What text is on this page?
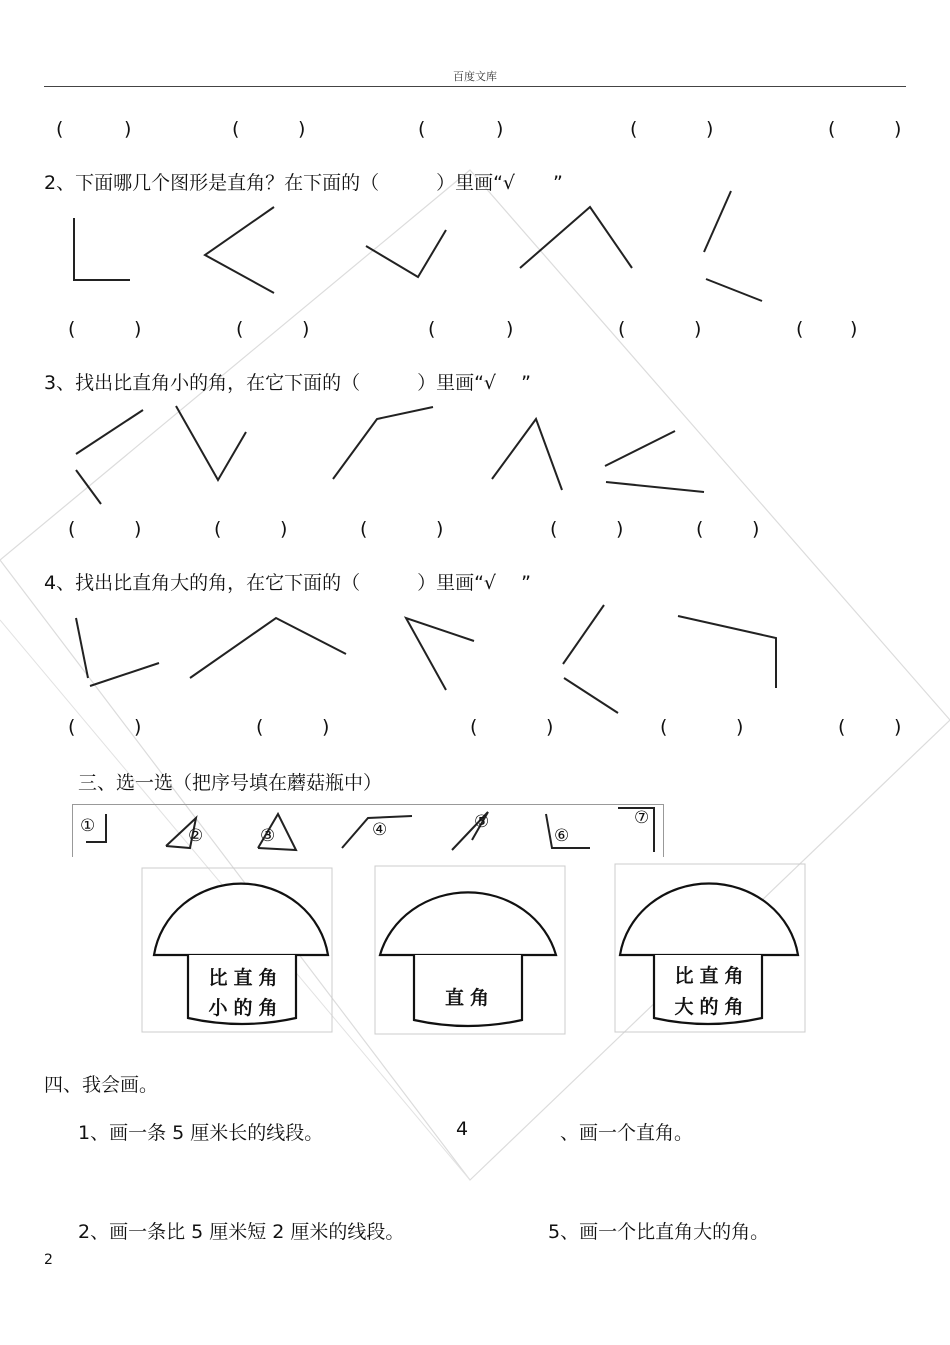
百度文库
(	)	(	)	(	)	(	)	(	)
2、下面哪几个图形是直角？在下面的（　　　）里画“√　　”
(	)	(	)	(	)	(	)	( )
3、找出比直角小的角，在它下面的（　　　）里画“√　 ”
(	)	(	)	(	)	(	)	(	)
4、找出比直角大的角，在它下面的（　　　）里画“√　 ”
(	)	(	)	(	)	(	)	(	)
三、选一选（把序号填在蘑菇瓶中）
①	②	③	④	⑤
⑥
⑦
比直角
小的角	直角
比直角
大的角
四、我会画。
1、画一条 5 厘米长的线段。	4	、画一个直角。
2、画一条比 5 厘米短 2 厘米的线段。	5、画一个比直角大的角。
2
